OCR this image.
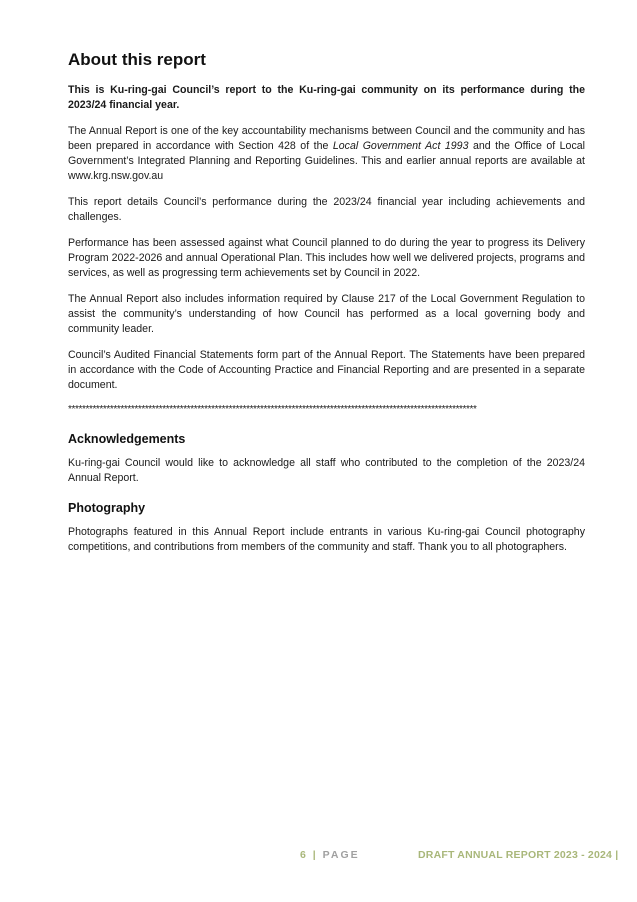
About this report

This is Ku-ring-gai Council’s report to the Ku-ring-gai community on its performance during the 2023/24 financial year.

The Annual Report is one of the key accountability mechanisms between Council and the community and has been prepared in accordance with Section 428 of the Local Government Act 1993 and the Office of Local Government’s Integrated Planning and Reporting Guidelines. This and earlier annual reports are available at www.krg.nsw.gov.au

This report details Council’s performance during the 2023/24 financial year including achievements and challenges.

Performance has been assessed against what Council planned to do during the year to progress its Delivery Program 2022-2026 and annual Operational Plan. This includes how well we delivered projects, programs and services, as well as progressing term achievements set by Council in 2022.

The Annual Report also includes information required by Clause 217 of the Local Government Regulation to assist the community’s understanding of how Council has performed as a local governing body and community leader.

Council’s Audited Financial Statements form part of the Annual Report. The Statements have been prepared in accordance with the Code of Accounting Practice and Financial Reporting and are presented in a separate document.

*********************************************************************************************************************
Acknowledgements

Ku-ring-gai Council would like to acknowledge all staff who contributed to the completion of the 2023/24 Annual Report.

Photography

Photographs featured in this Annual Report include entrants in various Ku-ring-gai Council photography competitions, and contributions from members of the community and staff. Thank you to all photographers.

6 | PAGE	DRAFT ANNUAL REPORT 2023 - 2024 |
